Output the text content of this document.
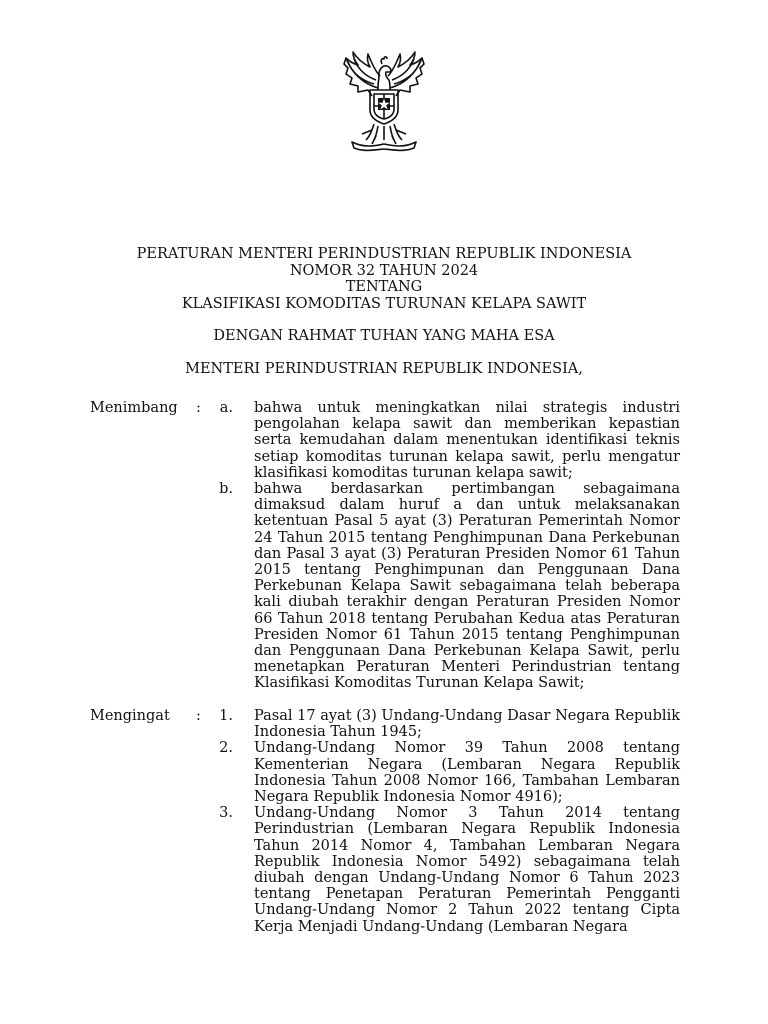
PERATURAN MENTERI PERINDUSTRIAN REPUBLIK INDONESIA
NOMOR 32 TAHUN 2024
TENTANG
KLASIFIKASI KOMODITAS TURUNAN KELAPA SAWIT
DENGAN RAHMAT TUHAN YANG MAHA ESA
MENTERI PERINDUSTRIAN REPUBLIK INDONESIA,
Menimbang	:	a.	bahwa untuk meningkatkan nilai strategis industri pengolahan kelapa sawit dan memberikan kepastian serta kemudahan dalam menentukan identifikasi teknis setiap komoditas turunan kelapa sawit, perlu mengatur klasifikasi komoditas turunan kelapa sawit;
b.	bahwa berdasarkan pertimbangan sebagaimana dimaksud dalam huruf a dan untuk melaksanakan ketentuan Pasal 5 ayat (3) Peraturan Pemerintah Nomor 24 Tahun 2015 tentang Penghimpunan Dana Perkebunan dan Pasal 3 ayat (3) Peraturan Presiden Nomor 61 Tahun 2015 tentang Penghimpunan dan Penggunaan Dana Perkebunan Kelapa Sawit sebagaimana telah beberapa kali diubah terakhir dengan Peraturan Presiden Nomor 66 Tahun 2018 tentang Perubahan Kedua atas Peraturan Presiden Nomor 61 Tahun 2015 tentang Penghimpunan dan Penggunaan Dana Perkebunan Kelapa Sawit, perlu menetapkan Peraturan Menteri Perindustrian tentang Klasifikasi Komoditas Turunan Kelapa Sawit;
Mengingat	:	1.	Pasal 17 ayat (3) Undang-Undang Dasar Negara Republik Indonesia Tahun 1945;
2.	Undang-Undang Nomor 39 Tahun 2008 tentang Kementerian Negara (Lembaran Negara Republik Indonesia Tahun 2008 Nomor 166, Tambahan Lembaran Negara Republik Indonesia Nomor 4916);
3.	Undang-Undang Nomor 3 Tahun 2014 tentang Perindustrian (Lembaran Negara Republik Indonesia Tahun 2014 Nomor 4, Tambahan Lembaran Negara Republik Indonesia Nomor 5492) sebagaimana telah diubah dengan Undang-Undang Nomor 6 Tahun 2023 tentang Penetapan Peraturan Pemerintah Pengganti Undang-Undang Nomor 2 Tahun 2022 tentang Cipta Kerja Menjadi Undang-Undang (Lembaran Negara
